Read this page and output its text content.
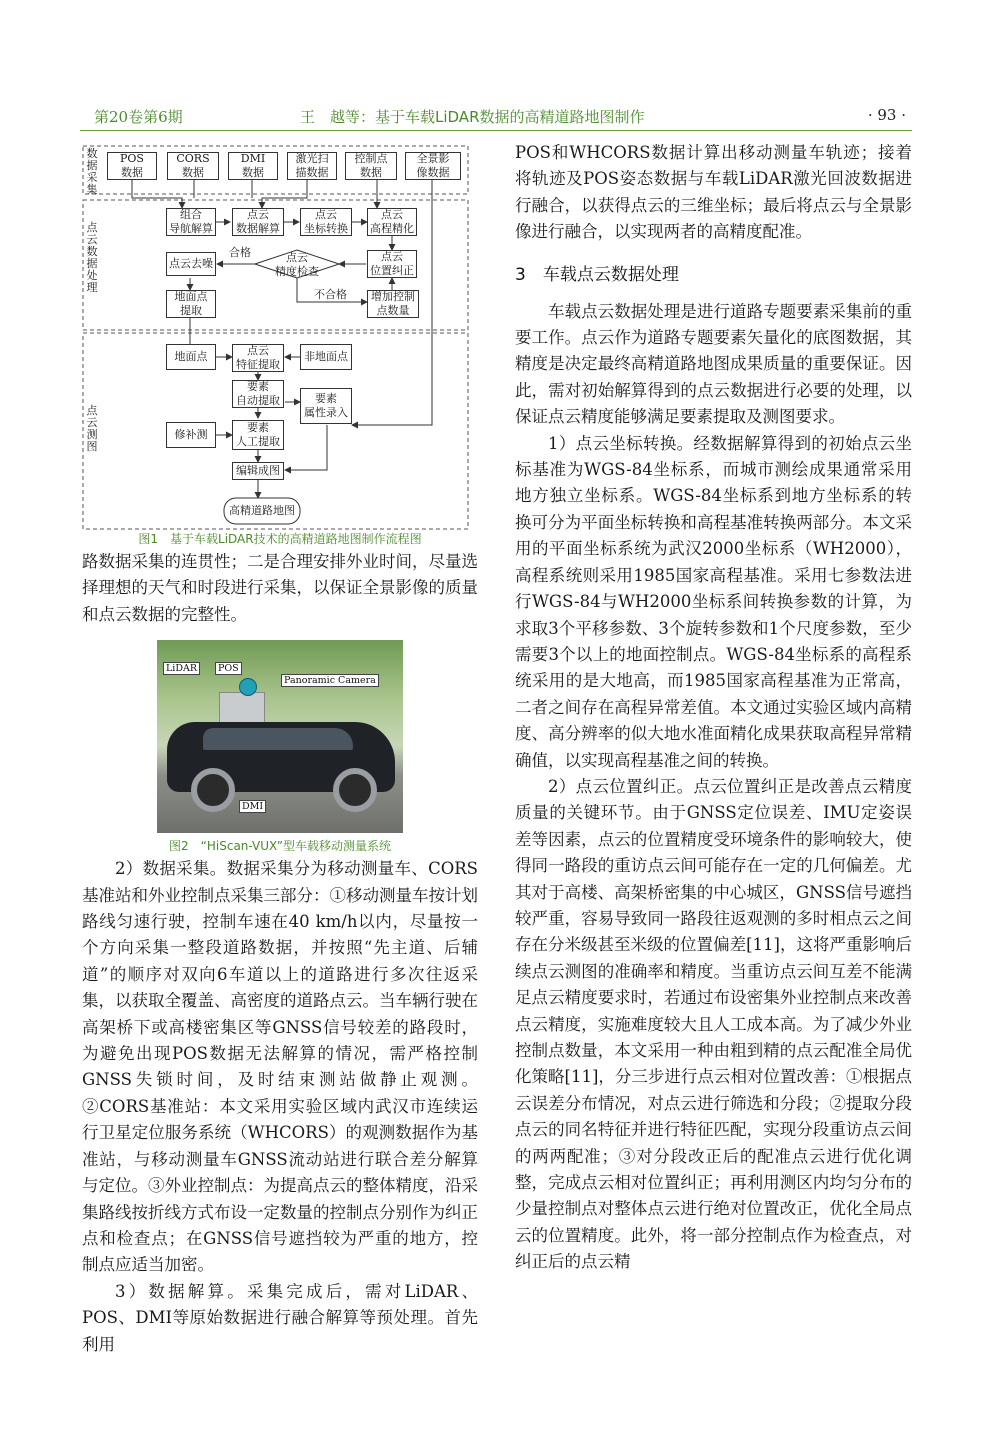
第20卷第6期	王　越等：基于车载LiDAR数据的高精道路地图制作	· 93 ·
数据采集
点云数据处理
点云测图
POS
数据
CORS
数据
DMI
数据
激光扫
描数据
控制点
数据
全景影
像数据
组合
导航解算
点云
数据解算
点云
坐标转换
点云
高程精化
点云去噪	点云
精度检查
点云
位置纠正
合格
不合格
地面点
提取
增加控制
点数量
地面点	点云
特征提取
非地面点
要素
自动提取	要素
属性录入
修补测
要素
人工提取
编辑成图
高精道路地图
图1　基于车载LiDAR技术的高精道路地图制作流程图

路数据采集的连贯性；二是合理安排外业时间，尽量选择理想的天气和时段进行采集，以保证全景影像的质量和点云数据的完整性。

LiDAR	POS
Panoramic Camera
DMI
图2　“HiScan-VUX”型车载移动测量系统

2）数据采集。数据采集分为移动测量车、CORS基准站和外业控制点采集三部分：①移动测量车按计划路线匀速行驶，控制车速在40 km/h以内，尽量按一个方向采集一整段道路数据，并按照“先主道、后辅道”的顺序对双向6车道以上的道路进行多次往返采集，以获取全覆盖、高密度的道路点云。当车辆行驶在高架桥下或高楼密集区等GNSS信号较差的路段时，为避免出现POS数据无法解算的情况，需严格控制GNSS失锁时间，及时结束测站做静止观测。②CORS基准站：本文采用实验区域内武汉市连续运行卫星定位服务系统（WHCORS）的观测数据作为基准站，与移动测量车GNSS流动站进行联合差分解算与定位。③外业控制点：为提高点云的整体精度，沿采集路线按折线方式布设一定数量的控制点分别作为纠正点和检查点；在GNSS信号遮挡较为严重的地方，控制点应适当加密。

3）数据解算。采集完成后，需对LiDAR、POS、DMI等原始数据进行融合解算等预处理。首先利用

POS和WHCORS数据计算出移动测量车轨迹；接着将轨迹及POS姿态数据与车载LiDAR激光回波数据进行融合，以获得点云的三维坐标；最后将点云与全景影像进行融合，以实现两者的高精度配准。

3　车载点云数据处理

车载点云数据处理是进行道路专题要素采集前的重要工作。点云作为道路专题要素矢量化的底图数据，其精度是决定最终高精道路地图成果质量的重要保证。因此，需对初始解算得到的点云数据进行必要的处理，以保证点云精度能够满足要素提取及测图要求。

1）点云坐标转换。经数据解算得到的初始点云坐标基准为WGS-84坐标系，而城市测绘成果通常采用地方独立坐标系。WGS-84坐标系到地方坐标系的转换可分为平面坐标转换和高程基准转换两部分。本文采用的平面坐标系统为武汉2000坐标系（WH2000），高程系统则采用1985国家高程基准。采用七参数法进行WGS-84与WH2000坐标系间转换参数的计算，为求取3个平移参数、3个旋转参数和1个尺度参数，至少需要3个以上的地面控制点。WGS-84坐标系的高程系统采用的是大地高，而1985国家高程基准为正常高，二者之间存在高程异常差值。本文通过实验区域内高精度、高分辨率的似大地水准面精化成果获取高程异常精确值，以实现高程基准之间的转换。

2）点云位置纠正。点云位置纠正是改善点云精度质量的关键环节。由于GNSS定位误差、IMU定姿误差等因素，点云的位置精度受环境条件的影响较大，使得同一路段的重访点云间可能存在一定的几何偏差。尤其对于高楼、高架桥密集的中心城区，GNSS信号遮挡较严重，容易导致同一路段往返观测的多时相点云之间存在分米级甚至米级的位置偏差[11]，这将严重影响后续点云测图的准确率和精度。当重访点云间互差不能满足点云精度要求时，若通过布设密集外业控制点来改善点云精度，实施难度较大且人工成本高。为了减少外业控制点数量，本文采用一种由粗到精的点云配准全局优化策略[11]，分三步进行点云相对位置改善：①根据点云误差分布情况，对点云进行筛选和分段；②提取分段点云的同名特征并进行特征匹配，实现分段重访点云间的两两配准；③对分段改正后的配准点云进行优化调整，完成点云相对位置纠正；再利用测区内均匀分布的少量控制点对整体点云进行绝对位置改正，优化全局点云的位置精度。此外，将一部分控制点作为检查点，对纠正后的点云精
